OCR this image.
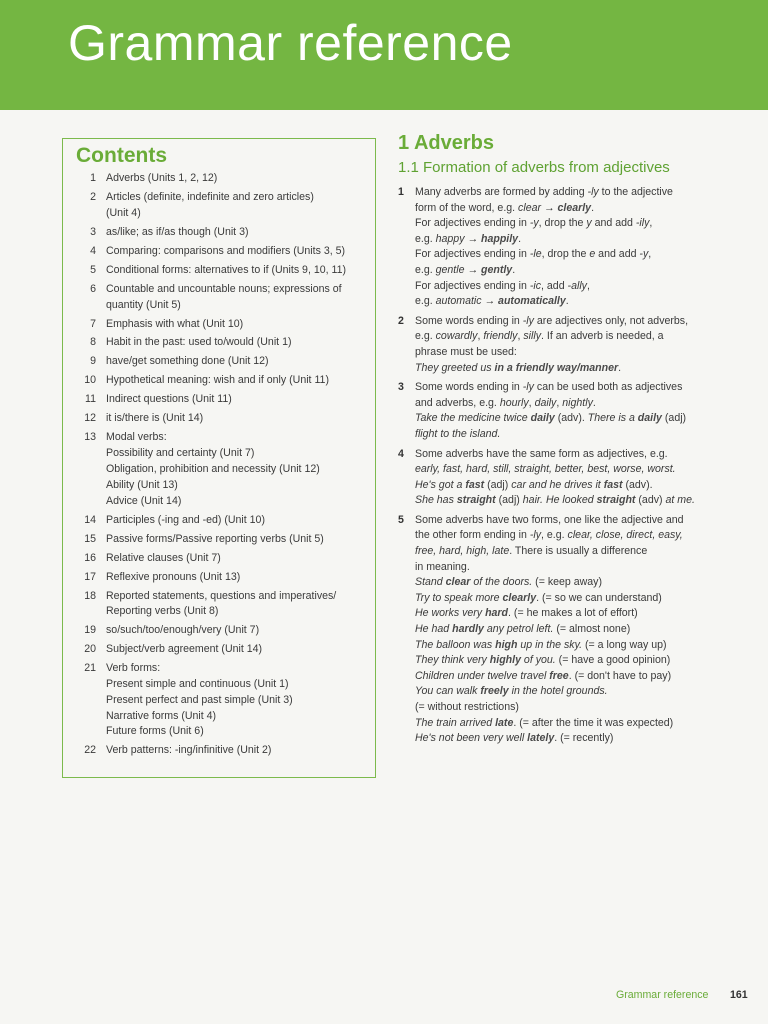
Grammar reference
Contents
1 Adverbs (Units 1, 2, 12)
2 Articles (definite, indefinite and zero articles)
(Unit 4)
3 as/like; as if/as though (Unit 3)
4 Comparing: comparisons and modifiers (Units 3, 5)
5 Conditional forms: alternatives to if (Units 9, 10, 11)
6 Countable and uncountable nouns; expressions of
quantity (Unit 5)
7 Emphasis with what (Unit 10)
8 Habit in the past: used to/would (Unit 1)
9 have/get something done (Unit 12)
10 Hypothetical meaning: wish and if only (Unit 11)
11 Indirect questions (Unit 11)
12 it is/there is (Unit 14)
13 Modal verbs:
Possibility and certainty (Unit 7)
Obligation, prohibition and necessity (Unit 12)
Ability (Unit 13)
Advice (Unit 14)
14 Participles (-ing and -ed) (Unit 10)
15 Passive forms/Passive reporting verbs (Unit 5)
16 Relative clauses (Unit 7)
17 Reflexive pronouns (Unit 13)
18 Reported statements, questions and imperatives/
Reporting verbs (Unit 8)
19 so/such/too/enough/very (Unit 7)
20 Subject/verb agreement (Unit 14)
21 Verb forms:
Present simple and continuous (Unit 1)
Present perfect and past simple (Unit 3)
Narrative forms (Unit 4)
Future forms (Unit 6)
22 Verb patterns: -ing/infinitive (Unit 2)
1 Adverbs
1.1 Formation of adverbs from adjectives
1	Many adverbs are formed by adding -ly to the adjective
form of the word, e.g. clear → clearly.
For adjectives ending in -y, drop the y and add -ily,
e.g. happy → happily.
For adjectives ending in -le, drop the e and add -y,
e.g. gentle → gently.
For adjectives ending in -ic, add -ally,
e.g. automatic → automatically.
2	Some words ending in -ly are adjectives only, not adverbs,
e.g. cowardly, friendly, silly. If an adverb is needed, a
phrase must be used:
They greeted us in a friendly way/manner.
3	Some words ending in -ly can be used both as adjectives
and adverbs, e.g. hourly, daily, nightly.
Take the medicine twice daily (adv). There is a daily (adj)
flight to the island.
4	Some adverbs have the same form as adjectives, e.g.
early, fast, hard, still, straight, better, best, worse, worst.
He's got a fast (adj) car and he drives it fast (adv).
She has straight (adj) hair. He looked straight (adv) at me.
5	Some adverbs have two forms, one like the adjective and
the other form ending in -ly, e.g. clear, close, direct, easy,
free, hard, high, late. There is usually a difference
in meaning.
Stand clear of the doors. (= keep away)
Try to speak more clearly. (= so we can understand)
He works very hard. (= he makes a lot of effort)
He had hardly any petrol left. (= almost none)
The balloon was high up in the sky. (= a long way up)
They think very highly of you. (= have a good opinion)
Children under twelve travel free. (= don't have to pay)
You can walk freely in the hotel grounds.
(= without restrictions)
The train arrived late. (= after the time it was expected)
He's not been very well lately. (= recently)
Grammar reference 161
